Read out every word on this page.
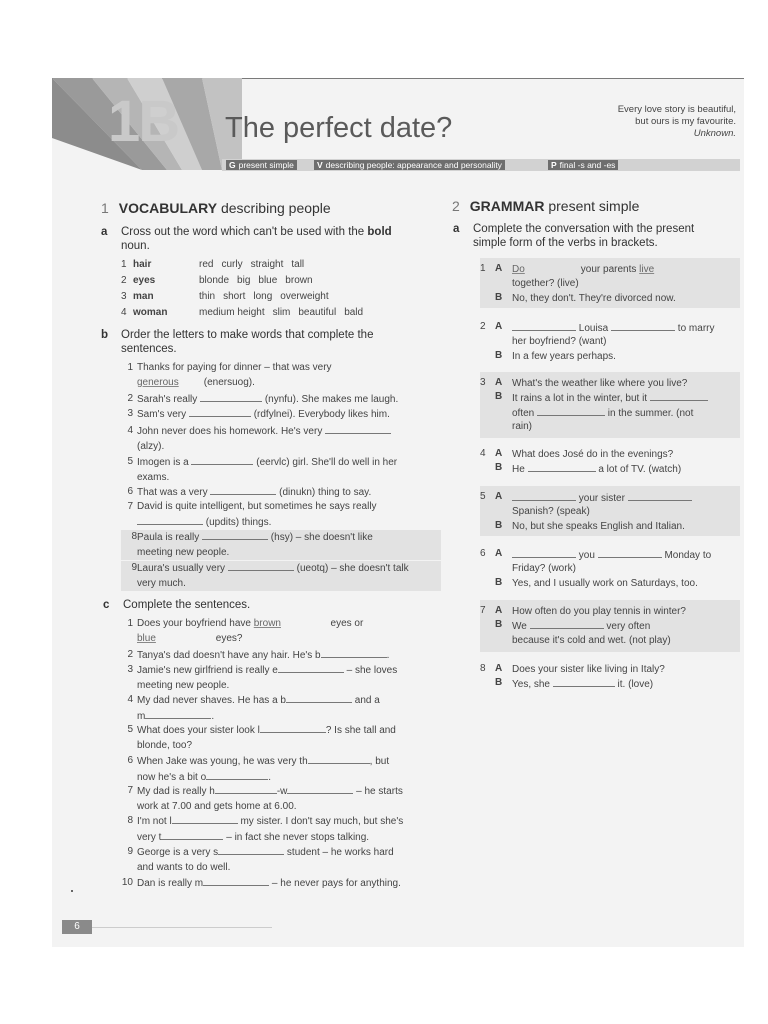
1B The perfect date?
Every love story is beautiful,
but ours is my favourite.
Unknown.
G present simple	V describing people: appearance and personality	P final -s and -es
1 VOCABULARY describing people
a Cross out the word which can't be used with the bold
noun.
1 hair	red curly straight tall
2 eyes	blonde big blue brown
3 man	thin short long overweight
4 woman	medium height slim beautiful bald
b Order the letters to make words that complete the
sentences.
1 Thanks for paying for dinner – that was very
generous (enersuog).
2 Sarah's really	(nynfu). She makes me laugh.
3 Sam's very	(rdfylnei). Everybody likes him.
4 John never does his homework. He's very
(alzy).
5 Imogen is a	(eervlc) girl. She'll do well in her
exams.
6 That was a very	(dinukn) thing to say.
7 David is quite intelligent, but sometimes he says really
(updits) things.
8 Paula is really	(hsy) – she doesn't like
meeting new people.
9 Laura's usually very	(ueotq) – she doesn't talk
very much.
c Complete the sentences.
1 Does your boyfriend have brown	eyes or
blue	eyes?
2 Tanya's dad doesn't have any hair. He's b	.
3 Jamie's new girlfriend is really e	– she loves
meeting new people.
4 My dad never shaves. He has a b	and a
m	.
5 What does your sister look l	? Is she tall and
blonde, too?
6 When Jake was young, he was very th	, but
now he's a bit o	.
7 My dad is really h	-w	– he starts
work at 7.00 and gets home at 6.00.
8 I'm not l	my sister. I don't say much, but she's
very t	– in fact she never stops talking.
9 George is a very s	student – he works hard
and wants to do well.
10 Dan is really m	– he never pays for anything.
2 GRAMMAR present simple
a Complete the conversation with the present
simple form of the verbs in brackets.
1 A Do	your parents live
together? (live)
B No, they don't. They're divorced now.
2 A	Louisa	to marry
her boyfriend? (want)
B In a few years perhaps.
3 A What's the weather like where you live?
B It rains a lot in the winter, but it
often	in the summer. (not
rain)
4 A What does José do in the evenings?
B He	a lot of TV. (watch)
5 A	your sister
Spanish? (speak)
B No, but she speaks English and Italian.
6 A	you	Monday to
Friday? (work)
B Yes, and I usually work on Saturdays, too.
7 A How often do you play tennis in winter?
B We	very often
because it's cold and wet. (not play)
8 A Does your sister like living in Italy?
B Yes, she	it. (love)
6
